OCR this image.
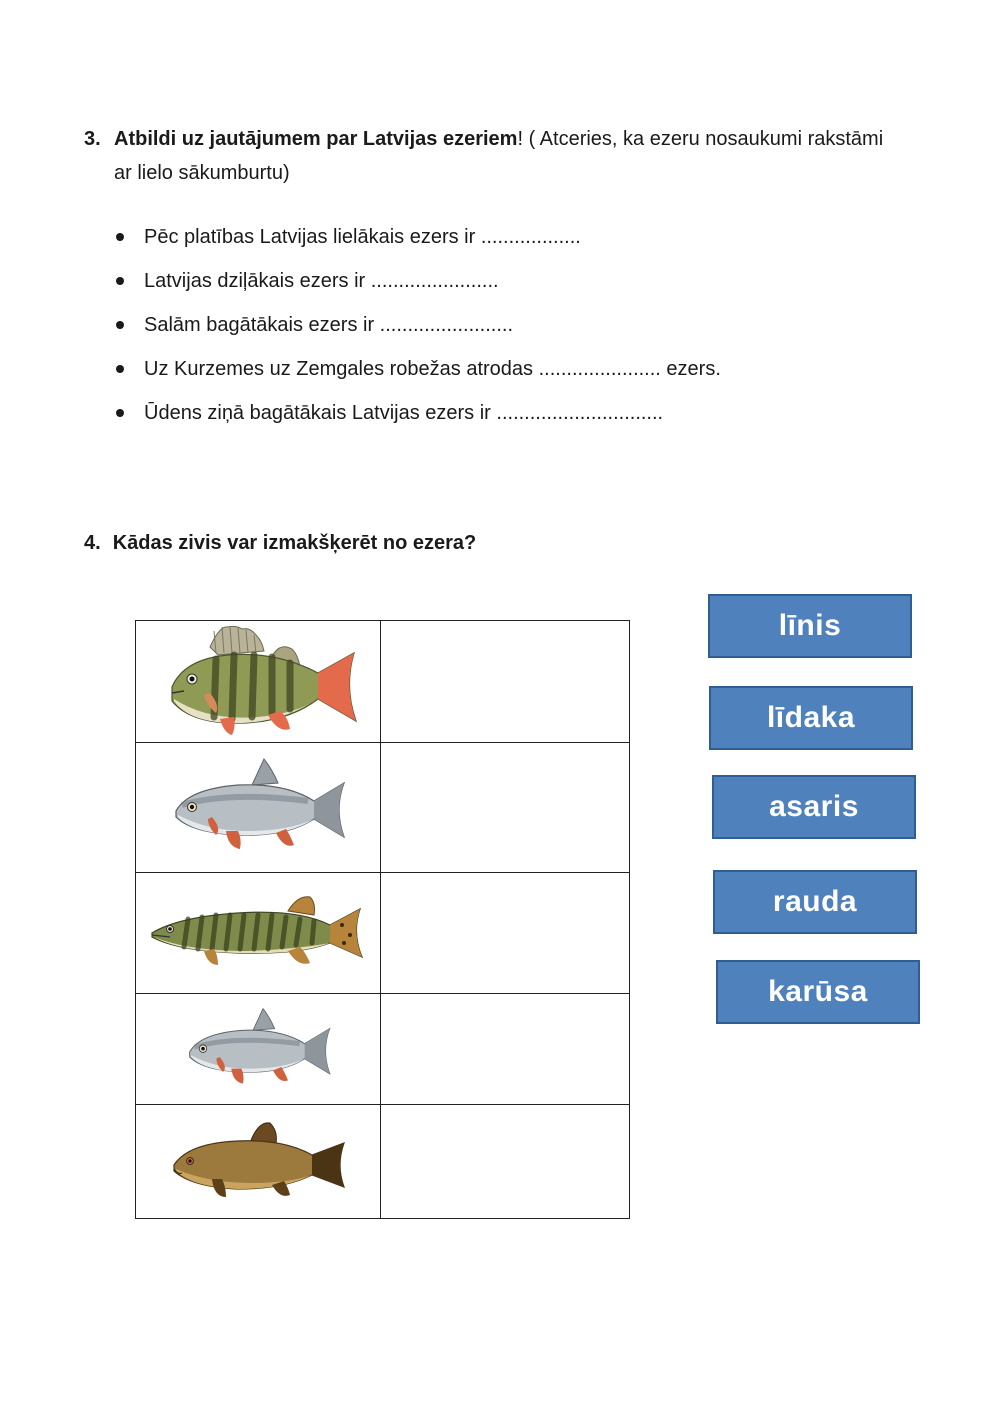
3. Atbildi uz jautājumem par Latvijas ezeriem! ( Atceries, ka ezeru nosaukumi rakstāmi ar lielo sākumburtu)
Pēc platības Latvijas lielākais ezers ir ..................
Latvijas dziļākais ezers ir .......................
Salām bagātākais ezers ir ........................
Uz Kurzemes uz Zemgales robežas atrodas ...................... ezers.
Ūdens ziņā bagātākais Latvijas ezers ir ..............................
4. Kādas zivis var izmakšķerēt no ezera?

līnis
līdaka
asaris
rauda
karūsa
